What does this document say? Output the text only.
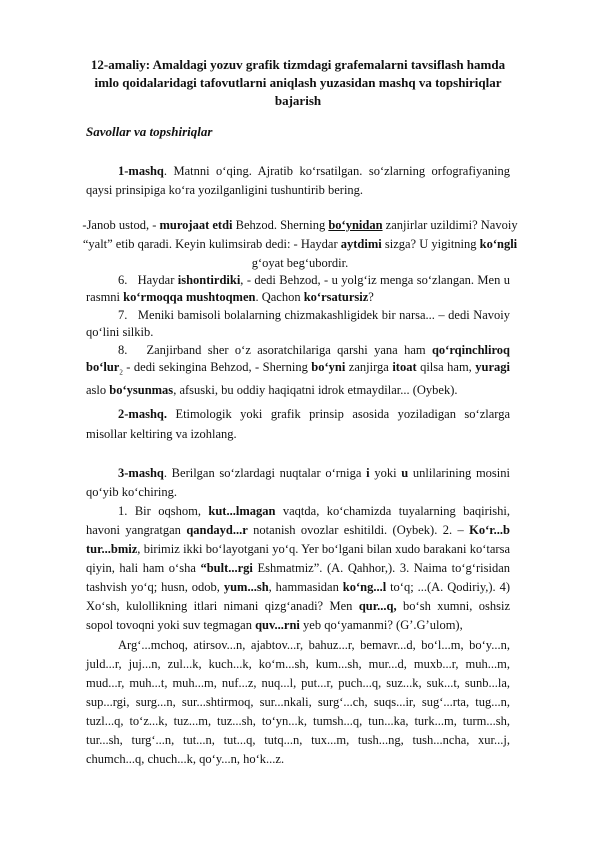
12-amaliy: Amaldagi yozuv grafik tizmdagi grafemalarni tavsiflash hamda imlo qoidalaridagi tafovutlarni aniqlash yuzasidan mashq va topshiriqlar bajarish
Savollar va topshiriqlar
1-mashq. Matnni o‘qing. Ajratib ko‘rsatilgan. so‘zlarning orfografiyaning qaysi prinsipiga ko‘ra yozilganligini tushuntirib bering.
-Janob ustod, - murojaat etdi Behzod. Sherning bo‘ynidan zanjirlar uzildimi? Navoiy “yalt” etib qaradi. Keyin kulimsirab dedi: - Haydar aytdimi sizga? U yigitning ko‘ngli g‘oyat beg‘ubordir.
6. Haydar ishontirdiki, - dedi Behzod, - u yolg‘iz menga so‘zlangan. Men u rasmni ko‘rmoqqa mushtoqmen. Qachon ko‘rsatursiz?
7. Meniki bamisoli bolalarning chizmakashligidek bir narsa... – dedi Navoiy qo‘lini silkib.
8. Zanjirband sher o‘z asoratchilariga qarshi yana ham qo‘rqinchliroq bo‘lur$_2$ - dedi sekingina Behzod, - Sherning bo‘yni zanjirga itoat qilsa ham, yuragi aslo bo‘ysunmas, afsuski, bu oddiy haqiqatni idrok etmaydilar... (Oybek).
2-mashq. Etimologik yoki grafik prinsip asosida yoziladigan so‘zlarga misollar keltiring va izohlang.
3-mashq. Berilgan so‘zlardagi nuqtalar o‘rniga i yoki u unlilarining mosini qo‘yib ko‘chiring.
1. Bir oqshom, kut...lmagan vaqtda, ko‘chamizda tuyalarning baqirishi, havoni yangratgan qandayd...r notanish ovozlar eshitildi. (Oybek). 2. – Ko‘r...b tur...bmiz, birimiz ikki bo‘layotgani yo‘q. Yer bo‘lgani bilan xudo barakani ko‘tarsa qiyin, hali ham o‘sha “bult...rgi Eshmatmiz”. (A. Qahhor,). 3. Naima to‘g‘risidan tashvish yo‘q; husn, odob, yum...sh, hammasidan ko‘ng...l to‘q; ...(A. Qodiriy,). 4) Xo‘sh, kulollikning itlari nimani qizg‘anadi? Men qur...q, bo‘sh xumni, oshsiz sopol tovoqni yoki suv tegmagan quv...rni yeb qo‘yamanmi? (G’.G’ulom),
Arg‘...mchoq, atirsov...n, ajabtov...r, bahuz...r, bemavr...d, bo‘l...m, bo‘y...n, juld...r, juj...n, zul...k, kuch...k, ko‘m...sh, kum...sh, mur...d, muxb...r, muh...m, mud...r, muh...t, muh...m, nuf...z, nuq...l, put...r, puch...q, suz...k, suk...t, sunb...la, sup...rgi, surg...n, sur...shtirmoq, sur...nkali, surg‘...ch, suqs...ir, sug‘...rta, tug...n, tuzl...q, to‘z...k, tuz...m, tuz...sh, to‘yn...k, tumsh...q, tun...ka, turk...m, turm...sh, tur...sh, turg‘...n, tut...n, tut...q, tutq...n, tux...m, tush...ng, tush...ncha, xur...j, chumch...q, chuch...k, qo‘y...n, ho‘k...z.
